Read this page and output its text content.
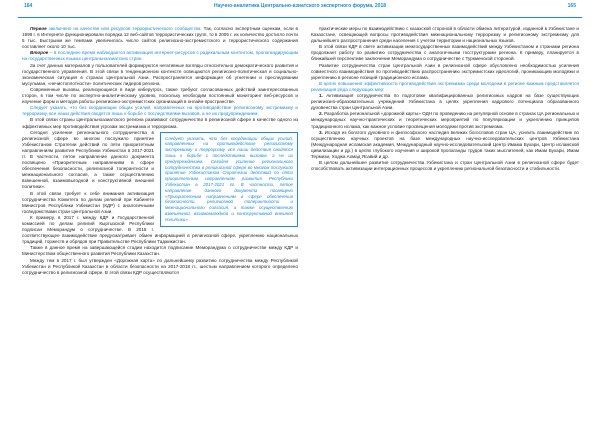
164	Научно-аналитика Центрально-азиатского экспертного форума, 2018	165

Первое заключено на качестве или ресурсов террористического сообщества. Так, согласно экспертным оценкам, если в 1998 г. в Интернете функционировали порядка 12 веб-сайтов террористических групп, то в 2005 г. их количество достигло почти 5 тыс. Быстрыми же темпами увеличилось число сайтов религиозно-экстремистского и террористического содержания составляет около 10 тыс.

Второе – в последнее время наблюдается активизация интернет-ресурсов с радикальным контентом, пропагандирующим на государственных языках центральноазиатских стран.

За счет данных материалов у пользователей формируются негативные взгляды относительно демократического развития и государственного управления. В этой связи в тенденционном контексте освещаются религиозно-политическая и социально-экономическая ситуация в странах Центральной Азии. Распространяется информация об угнетении и преследовании мусульман, «нечистоплотности» политических лидеров региона.

Современные вызовы, реализующиеся в виде киберугроз, также требуют согласованных действий заинтересованных сторон, в том числе по экспертно-аналитическому уровню, поскольку необходим постоянный мониторинг веб-ресурсов и изучение форм и методов работы религиозно-экстремистских организаций в онлайн-пространстве.

Следует указать, что без координации общих усилий, направленных на противодействие религиозному экстремизму и терроризму, все наши действия сводятся лишь к борьбе с последствиями вызовов, а не их предупреждением.

В этой связи страны Центральноазиатского региона развивают сотрудничество в религиозной сфере в качестве одного из эффективных мер противодействия угрозам экстремизма и терроризма.

Следует указать, что без координации общих усилий, направленных на противодействие религиозному экстремизму и терроризму, все наши действия сводятся лишь к борьбе с последствиями вызовов, а не их предупреждением. Сегодня усиление регионального сотрудничества в религиозной сфере во многом послужило принятие Узбекистаном Стратегии действий по пяти приоритетным направлениям развития Республики Узбекистан в 2017-2021 гг. В частности, пятое направление данного документа посвящено «Приоритетным направлениям в сфере обеспечения безопасности, религиозной толерантности и межнационального согласия, а также осуществлению взвешенной, взаимовыгодной и конструктивной внешней политики».

Сегодня усиление регионального сотрудничества в религиозной сфере во многом послужило принятие Узбекистаном Стратегии действий по пяти приоритетным направлениям развития Республики Узбекистан в 2017-2021 гг. В частности, пятое направление данного документа посвящено «Приоритетным направлениям в сфере обеспечения безопасности, религиозной толерантности и межнационального согласия, а также осуществлению взвешенной, взаимовыгодной и конструктивной внешней политики».

В этой связи требует к себе внимания активизация сотрудничества Комитета по делам религий при Кабинете Министров Республики Узбекистан (КДР) с аналогичными госведомствами стран Центральной Азии.

К примеру, в 2017 г. между КДР и Государственной комиссией по делам религий Кыргызской Республики подписан Меморандум о сотрудничестве. В 2018 г. соответствующее взаимодействие предусматривает обмен информацией в религиозной сфере, укреплению национальных традиций, торжеств и обрядов при Правительстве Республики Таджикистан.

Также в данное время на завершающейся стадии находится подписание Меморандума о сотрудничестве между КДР и Министерством общественного развития Республики Казахстан.

Между тем в 2017 г. был утвержден «Дорожная карта» по дальнейшему развитию сотрудничества между Республикой Узбекистан и Республикой Казахстан в области безопасности на 2017-2018 гг., шестым направлением которого определено сотрудничество в религиозной сфере. В этой связи КДР осуществляются

практические меры по взаимодействию с казахской стороной в области обмена литературой, изданной в Узбекистане и Казахстане, освещающей вопросы противодействия межнациональному терроризму и религиозному экстремизму для дальнейшего распространения среди населения с учетом территории и национальных языков.

В этой связи КДР в свете активизации межгосударственных взаимодействий между Узбекистаном и странами региона продолжает работу по развитию сотрудничества с аналогичными госструктурами региона. К примеру, планируется в ближайшей перспективе заключение Меморандума о сотрудничестве с Туркменской стороной.

Развитие сотрудничества стран Центральной Азии в религиозной сфере обусловлено необходимостью усиления совместного взаимодействия по противодействию распространению экстремистских идеологий, проникающим молодежи и укреплению в регионе позиций традиционного ислама.

В целях повышения эффективности противодействия экстремизма среди молодежи в регионе важным представляется реализация ряда следующих мер:

1. Активизация сотрудничества по подготовке квалифицированных религиозных кадров на базе существующих религиозно-образовательных учреждений Узбекистана в целях укрепления кадрового потенциала образованного духовенства стран Центральной Азии.

2. Разработка региональной «дорожной карты» ОДН по проведению на регулярной основе в странах ЦА региональных и международных научно-практических и теоретических мероприятий по популяризации и укреплению принципов традиционного ислама, как важное условие просвещения молодежи против экстремизма.

3. Исходя из богатого духовного и философского наследия великих богословов стран ЦА, усилить взаимодействие по осуществлению научных проектов на базе международных научно-исследовательских центров Узбекистана (Международная исламская академия, Международный научно-исследовательский Центр Имама Бухари, Центр исламской цивилизации и др.) в целях глубокого изучения и широкой пропаганды трудов таких мыслителей, как Имам Бухари, Имам Термизи, Ходжа Ахмад Ясавий и др.

В целом дальнейшее развитие сотрудничества Узбекистана и стран Центральной Азии в религиозной сфере будет способствовать активизации интеграционных процессов и укреплению региональной безопасности и стабильности.
